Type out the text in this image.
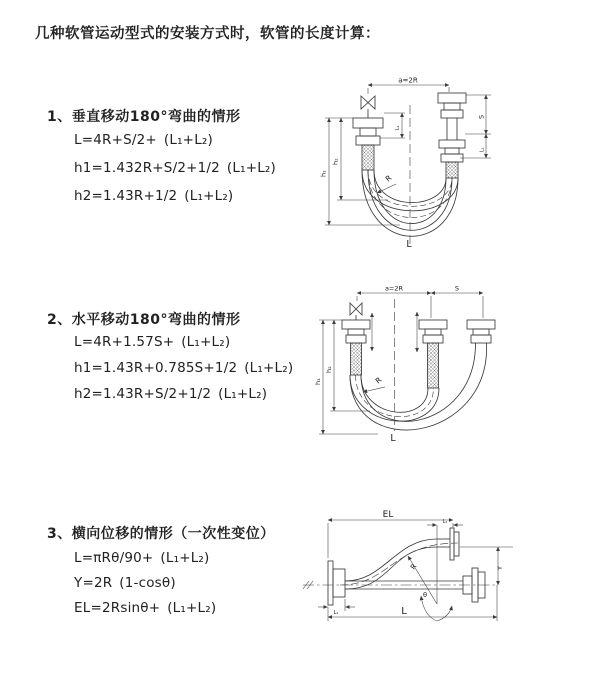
几种软管运动型式的安装方式时，软管的长度计算：
1、垂直移动180°弯曲的情形
L=4R+S/2+ (L₁+L₂)
h1=1.432R+S/2+1/2 (L₁+L₂)
h2=1.43R+1/2 (L₁+L₂)
2、水平移动180°弯曲的情形
L=4R+1.57S+ (L₁+L₂)
h1=1.43R+0.785S+1/2 (L₁+L₂)
h2=1.43R+S/2+1/2 (L₁+L₂)
3、横向位移的情形（一次性变位）
L=πRθ/90+ (L₁+L₂)
Y=2R (1-cosθ)
EL=2Rsinθ+ (L₁+L₂)
a=2R
h₁
h₂
L₁
S
L₁
R
L
a=2R	S
h₁
h₂
R
L
EL
L₁
Y
L
L₁
R
θ
